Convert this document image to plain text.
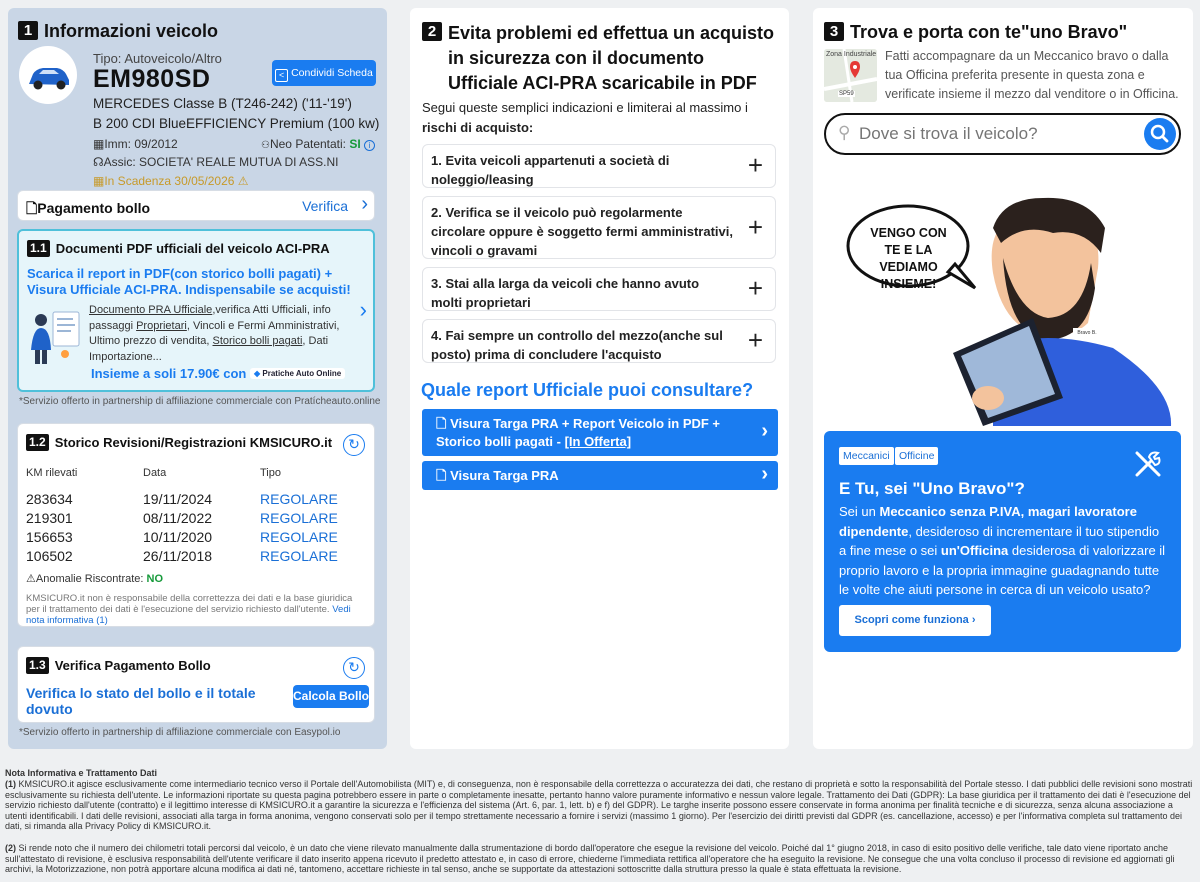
1 Informazioni veicolo
Tipo: Autoveicolo/Altro
EM980SD	< Condividi Scheda
MERCEDES Classe B (T246-242) ('11-'19')
B 200 CDI BlueEFFICIENCY Premium (100 kw)
▦Imm: 09/2012	⚇Neo Patentati: SI i
☊Assic: SOCIETA' REALE MUTUA DI ASS.NI
▦In Scadenza 30/05/2026 ⚠
🗋Pagamento bollo	Verifica ›
1.1 Documenti PDF ufficiali del veicolo ACI-PRA
Scarica il report in PDF(con storico bolli pagati) + Visura Ufficiale ACI-PRA. Indispensabile se acquisti!
Documento PRA Ufficiale,verifica Atti Ufficiali, info passaggi Proprietari, Vincoli e Fermi Amministrativi, Ultimo prezzo di vendita, Storico bolli pagati, Dati Importazione...
›
Insieme a soli 17.90€ con ◆ Pratiche Auto Online
*Servizio offerto in partnership di affiliazione commerciale con Pratícheauto.online
1.2 Storico Revisioni/Registrazioni KMSICURO.it	↻
KM rilevati	Data	Tipo
283634	19/11/2024	REGOLARE
219301	08/11/2022	REGOLARE
156653	10/11/2020	REGOLARE
106502	26/11/2018	REGOLARE
⚠Anomalie Riscontrate: NO
KMSICURO.it non è responsabile della correttezza dei dati e la base giuridica per il trattamento dei dati è l'esecuzione del servizio richiesto dall'utente. Vedi nota informativa (1)
1.3 Verifica Pagamento Bollo	↻
Verifica lo stato del bollo e il totale dovuto
Calcola Bollo
*Servizio offerto in partnership di affiliazione commerciale con Easypol.io
2 Evita problemi ed effettua un acquisto in sicurezza con il documento Ufficiale ACI-PRA scaricabile in PDF
Segui queste semplici indicazioni e limiterai al massimo i rischi di acquisto:
1. Evita veicoli appartenuti a società di noleggio/leasing	+
2. Verifica se il veicolo può regolarmente circolare oppure è soggetto fermi amministrativi, vincoli o gravami
+
3. Stai alla larga da veicoli che hanno avuto molti proprietari	+
4. Fai sempre un controllo del mezzo(anche sul posto) prima di concludere l'acquisto	+
Quale report Ufficiale puoi consultare?
🗋 Visura Targa PRA + Report Veicolo in PDF + Storico bolli pagati - [In Offerta]	›
🗋 Visura Targa PRA	›
3 Trova e porta con te"uno Bravo"
Zona Industriale
SP59
Fatti accompagnare da un Meccanico bravo o dalla tua Officina preferita presente in questa zona e verificate insieme il mezzo dal venditore o in Officina.
⚲
Dove si trova il veicolo?
VENGO CON TE E LA VEDIAMO INSIEME!
Bravo B.
Meccanici Officine
E Tu, sei "Uno Bravo"?
Sei un Meccanico senza P.IVA, magari lavoratore dipendente, desideroso di incrementare il tuo stipendio a fine mese o sei un'Officina desiderosa di valorizzare il proprio lavoro e la propria immagine guadagnando tutte le volte che aiuti persone in cerca di un veicolo usato?
Scopri come funziona ›
Nota Informativa e Trattamento Dati
(1) KMSICURO.it agisce esclusivamente come intermediario tecnico verso il Portale dell'Automobilista (MIT) e, di conseguenza, non è responsabile della correttezza o accuratezza dei dati, che restano di proprietà e sotto la responsabilità del Portale stesso. I dati pubblici delle revisioni sono mostrati esclusivamente su richiesta dell'utente. Le informazioni riportate su questa pagina potrebbero essere in parte o completamente inesatte, pertanto hanno valore puramente informativo e nessun valore legale. Trattamento dei Dati (GDPR): La base giuridica per il trattamento dei dati è l'esecuzione del servizio richiesto dall'utente (contratto) e il legittimo interesse di KMSICURO.it a garantire la sicurezza e l'efficienza del sistema (Art. 6, par. 1, lett. b) e f) del GDPR). Le targhe inserite possono essere conservate in forma anonima per finalità tecniche e di sicurezza, senza alcuna associazione a utenti identificabili. I dati delle revisioni, associati alla targa in forma anonima, vengono conservati solo per il tempo strettamente necessario a fornire i servizi (massimo 1 giorno). Per l'esercizio dei diritti previsti dal GDPR (es. cancellazione, accesso) e per l'informativa completa sul trattamento dei dati, si rimanda alla Privacy Policy di KMSICURO.it.
(2) Si rende noto che il numero dei chilometri totali percorsi dal veicolo, è un dato che viene rilevato manualmente dalla strumentazione di bordo dall'operatore che esegue la revisione del veicolo. Poiché dal 1° giugno 2018, in caso di esito positivo delle verifiche, tale dato viene riportato anche sull'attestato di revisione, è esclusiva responsabilità dell'utente verificare il dato inserito appena ricevuto il predetto attestato e, in caso di errore, chiederne l'immediata rettifica all'operatore che ha eseguito la revisione. Ne consegue che una volta concluso il processo di revisione ed aggiornati gli archivi, la Motorizzazione, non potrà apportare alcuna modifica ai dati né, tantomeno, accettare richieste in tal senso, anche se supportate da attestazioni sottoscritte dalla struttura presso la quale è stata effettuata la revisione.
